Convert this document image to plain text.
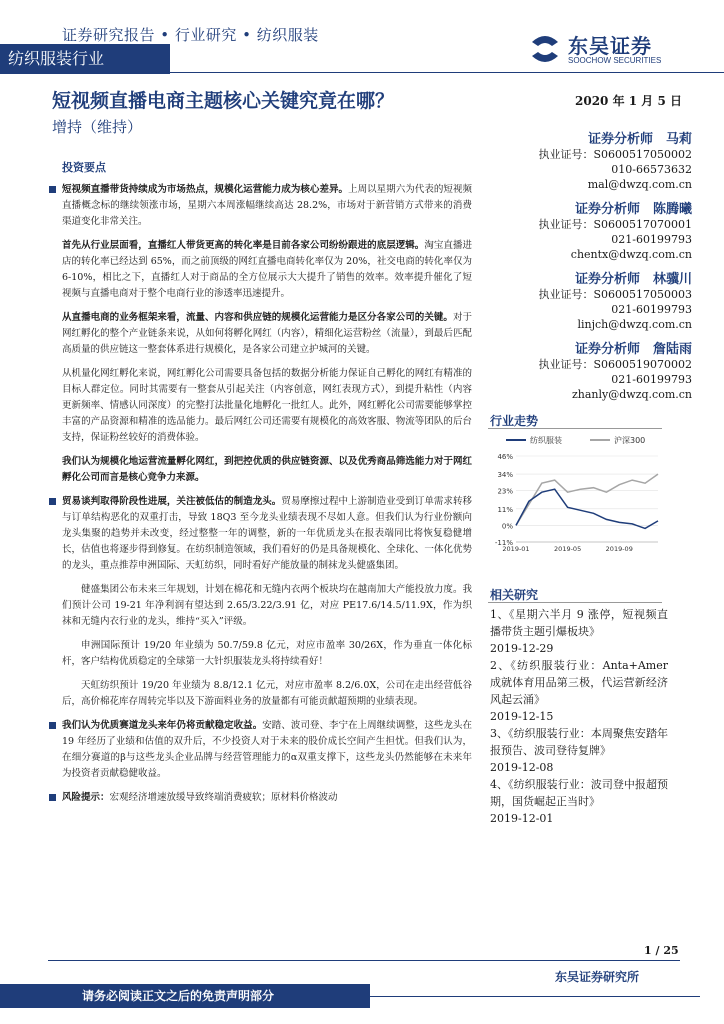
证券研究报告 • 行业研究 • 纺织服装
纺织服装行业
东吴证券
SOOCHOW SECURITIES
短视频直播电商主题核心关键究竟在哪？	2020 年 1 月 5 日
增持（维持）
证券分析师　马莉
执业证号：S0600517050002
010-66573632
mal@dwzq.com.cn
证券分析师　陈腾曦
执业证号：S0600517070001
021-60199793
chentx@dwzq.com.cn
证券分析师　林骥川
执业证号：S0600517050003
021-60199793
linjch@dwzq.com.cn
证券分析师　詹陆雨
执业证号：S0600519070002
021-60199793
zhanly@dwzq.com.cn
投资要点

短视频直播带货持续成为市场热点，规模化运营能力成为核心差异。上周以星期六为代表的短视频直播概念标的继续领涨市场，星期六本周涨幅继续高达 28.2%，市场对于新营销方式带来的消费渠道变化非常关注。

首先从行业层面看，直播红人带货更高的转化率是目前各家公司纷纷跟进的底层逻辑。淘宝直播进店的转化率已经达到 65%，而之前顶级的网红直播电商转化率仅为 20%，社交电商的转化率仅为 6-10%，相比之下，直播红人对于商品的全方位展示大大提升了销售的效率。效率提升催化了短视频与直播电商对于整个电商行业的渗透率迅速提升。

从直播电商的业务框架来看，流量、内容和供应链的规模化运营能力是区分各家公司的关键。对于网红孵化的整个产业链条来说，从如何将孵化网红（内容），精细化运营粉丝（流量），到最后匹配高质量的供应链这一整套体系进行规模化，是各家公司建立护城河的关键。

从机量化网红孵化来说，网红孵化公司需要具备包括的数据分析能力保证自己孵化的网红有精准的目标人群定位。同时其需要有一整套从引起关注（内容创意，网红表现方式），到提升粘性（内容更新频率、情感认同深度）的完整打法批量化地孵化一批红人。此外，网红孵化公司需要能够掌控丰富的产品资源和精准的选品能力。最后网红公司还需要有规模化的高效客服、物流等团队的后台支持，保证粉丝较好的消费体验。

我们认为规模化地运营流量孵化网红，到把控优质的供应链资源、以及优秀商品筛选能力对于网红孵化公司而言是核心竞争力来源。

贸易谈判取得阶段性进展，关注被低估的制造龙头。贸易摩擦过程中上游制造业受到订单需求转移与订单结构恶化的双重打击，导致 18Q3 至今龙头业绩表现不尽如人意。但我们认为行业份额向龙头集聚的趋势并未改变，经过整整一年的调整，新的一年优质龙头在报表端同比将恢复稳健增长，估值也将逐步得到修复。在纺织制造领域，我们看好的仍是具备规模化、全球化、一体化优势的龙头，重点推荐申洲国际、天虹纺织，同时看好产能放量的制袜龙头健盛集团。

健盛集团公布未来三年规划，计划在棉花和无缝内衣两个板块均在越南加大产能投放力度。我们预计公司 19-21 年净利润有望达到 2.65/3.22/3.91 亿，对应 PE17.6/14.5/11.9X，作为织袜和无缝内衣行业的龙头，维持“买入”评级。

申洲国际预计 19/20 年业绩为 50.7/59.8 亿元，对应市盈率 30/26X，作为垂直一体化标杆，客户结构优质稳定的全球第一大针织服装龙头将持续看好！

天虹纺织预计 19/20 年业绩为 8.8/12.1 亿元，对应市盈率 8.2/6.0X，公司在走出经营低谷后，高价棉花库存周转完毕以及下游面料业务的放量都有可能贡献超预期的业绩表现。

我们认为优质赛道龙头来年仍将贡献稳定收益。安踏、波司登、李宁在上周继续调整，这些龙头在 19 年经历了业绩和估值的双升后，不少投资人对于未来的股价成长空间产生担忧。但我们认为，在细分赛道的β与这些龙头企业品牌与经营管理能力的α双重支撑下，这些龙头仍然能够在未来年为投资者贡献稳健收益。

风险提示：宏观经济增速放缓导致终端消费疲软；原材料价格波动

行业走势
纺织服装	沪深300
46%
34%
23%
11%
0%
-11%
2019-01	2019-05	2019-09
相关研究
1、《星期六半月 9 涨停，短视频直播带货主题引爆板块》
2019-12-29
2、《纺织服装行业：Anta+Amer 成就体育用品第三极，代运营新经济风起云涌》
2019-12-15
3、《纺织服装行业：本周聚焦安踏年报预告、波司登待复牌》
2019-12-08
4、《纺织服装行业：波司登中报超预期，国货崛起正当时》
2019-12-01
1 / 25
东吴证券研究所
请务必阅读正文之后的免责声明部分
